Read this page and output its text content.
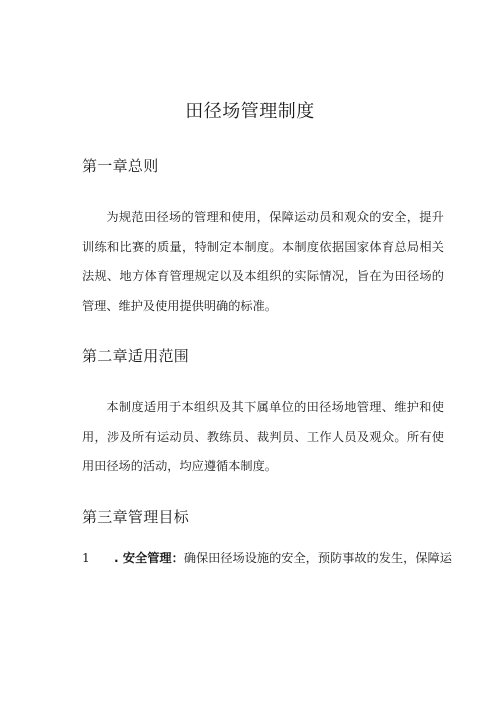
田径场管理制度
第一章总则

为规范田径场的管理和使用，保障运动员和观众的安全，提升训练和比赛的质量，特制定本制度。本制度依据国家体育总局相关法规、地方体育管理规定以及本组织的实际情况，旨在为田径场的管理、维护及使用提供明确的标准。

第二章适用范围

本制度适用于本组织及其下属单位的田径场地管理、维护和使用，涉及所有运动员、教练员、裁判员、工作人员及观众。所有使用田径场的活动，均应遵循本制度。

第三章管理目标
1 . 安全管理：确保田径场设施的安全，预防事故的发生，保障运
